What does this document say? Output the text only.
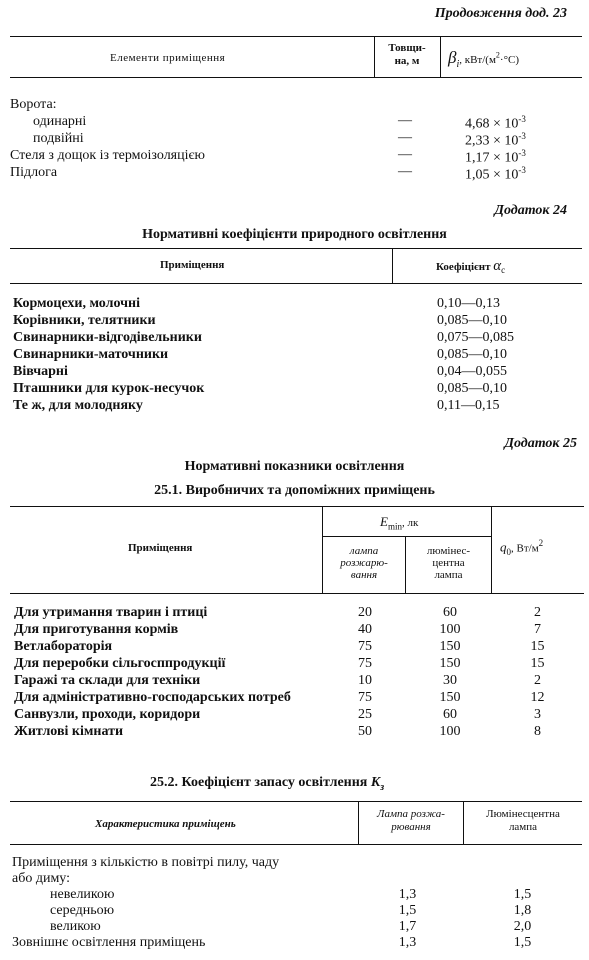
Продовження дод. 23
Елементи приміщення
Товщи-
на, м	$\beta_i$, кВт/$(м^2\cdot^\circ С)$
Ворота:
одинарні	—	$4,68 \times 10^{-3}$
подвійні	—	$2,33 \times 10^{-3}$
Стеля з дощок із термоізоляцією	—	$1,17 \times 10^{-3}$
Підлога	—	$1,05 \times 10^{-3}$
Додаток 24
Нормативні коефіцієнти природного освітлення
Приміщення	Коефіцієнт $\alpha_c$
Кормоцехи, молочні	0,10—0,13
Корівники, телятники	0,085—0,10
Свинарники-відгодівельники	0,075—0,085
Свинарники-маточники	0,085—0,10
Вівчарні	0,04—0,055
Пташники для курок-несучок	0,085—0,10
Те ж, для молодняку	0,11—0,15
Додаток 25
Нормативні показники освітлення
25.1. Виробничих та допоміжних приміщень
Приміщення
$E_{min}$, лк
лампа
розжарю-
вання
люмінес-
центна
лампа
$q_0$, $Вт/м^2$
Для утримання тварин і птиці	20	60	2
Для приготування кормів	40	100	7
Ветлабораторія	75	150	15
Для переробки сільгосппродукції	75	150	15
Гаражі та склади для техніки	10	30	2
Для адміністративно-господарських потреб	75	150	12
Санвузли, проходи, коридори	25	60	3
Житлові кімнати	50	100	8
25.2. Коефіцієнт запасу освітлення $K_з$
Характеристика приміщень
Лампа розжа-
рювання
Люмінесцентна
лампа
Приміщення з кількістю в повітрі пилу, чаду
або диму:
невеликою	1,3	1,5
середньою	1,5	1,8
великою	1,7	2,0
Зовнішнє освітлення приміщень	1,3	1,5
